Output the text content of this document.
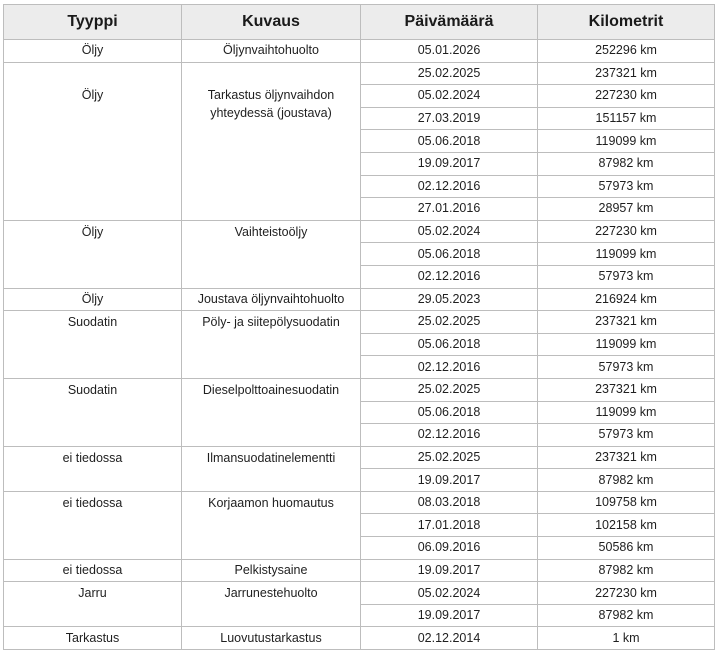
Tyyppi	Kuvaus	Päivämäärä	Kilometrit
Öljy	Öljynvaihtohuolto	05.01.2026	252296 km
Öljy	Tarkastus öljynvaihdon yhteydessä (joustava)	25.02.2025	237321 km
		05.02.2024	227230 km
		27.03.2019	151157 km
		05.06.2018	119099 km
		19.09.2017	87982 km
		02.12.2016	57973 km
		27.01.2016	28957 km
Öljy	Vaihteistoöljy	05.02.2024	227230 km
		05.06.2018	119099 km
		02.12.2016	57973 km
Öljy	Joustava öljynvaihtohuolto	29.05.2023	216924 km
Suodatin	Pöly- ja siitepölysuodatin	25.02.2025	237321 km
		05.06.2018	119099 km
		02.12.2016	57973 km
Suodatin	Dieselpolttoainesuodatin	25.02.2025	237321 km
		05.06.2018	119099 km
		02.12.2016	57973 km
ei tiedossa	Ilmansuodatinelementti	25.02.2025	237321 km
		19.09.2017	87982 km
ei tiedossa	Korjaamon huomautus	08.03.2018	109758 km
		17.01.2018	102158 km
		06.09.2016	50586 km
ei tiedossa	Pelkistysaine	19.09.2017	87982 km
Jarru	Jarrunestehuolto	05.02.2024	227230 km
		19.09.2017	87982 km
Tarkastus	Luovutustarkastus	02.12.2014	1 km
